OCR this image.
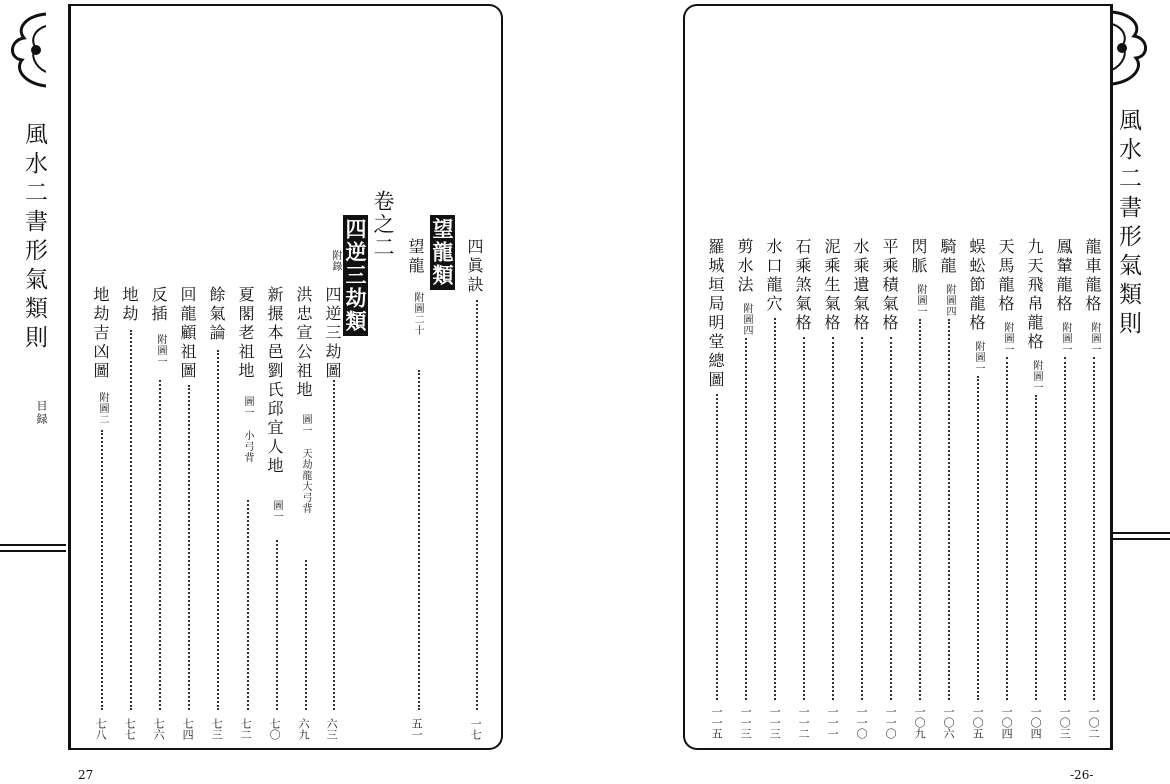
風水二書形氣類則
目録
27
四眞訣
一七
望龍類
望龍
附圖二十
五一
卷之二
四逆三劫類
附錄
四逆三劫圖
六三
洪忠宣公祖地
圖一 天劫龍大弓背
六九
新搌本邑劉氏邱宜人地
圖一
七〇
夏閣老祖地
圖一 小弓背
七二
餘氣論
七三
回龍顧祖圖
七四
反插
附圖一
七六
地劫
七七
地劫吉凶圖
附圖二
七八
風水二書形氣類則
-26-
龍車龍格
附圖一
一〇二
鳳輦龍格
附圖一
一〇三
九天飛帛龍格
附圖一
一〇四
天馬龍格
附圖一
一〇四
蜈蚣節龍格
附圖一
一〇五
騎龍
附圖四
一〇六
閃脈
附圖一
一〇九
平乘積氣格
一一〇
水乘遺氣格
一一〇
泥乘生氣格
一一一
石乘煞氣格
一一二
水口龍穴
一一三
剪水法
附圖四
一一三
羅城垣局明堂總圖
一一五
